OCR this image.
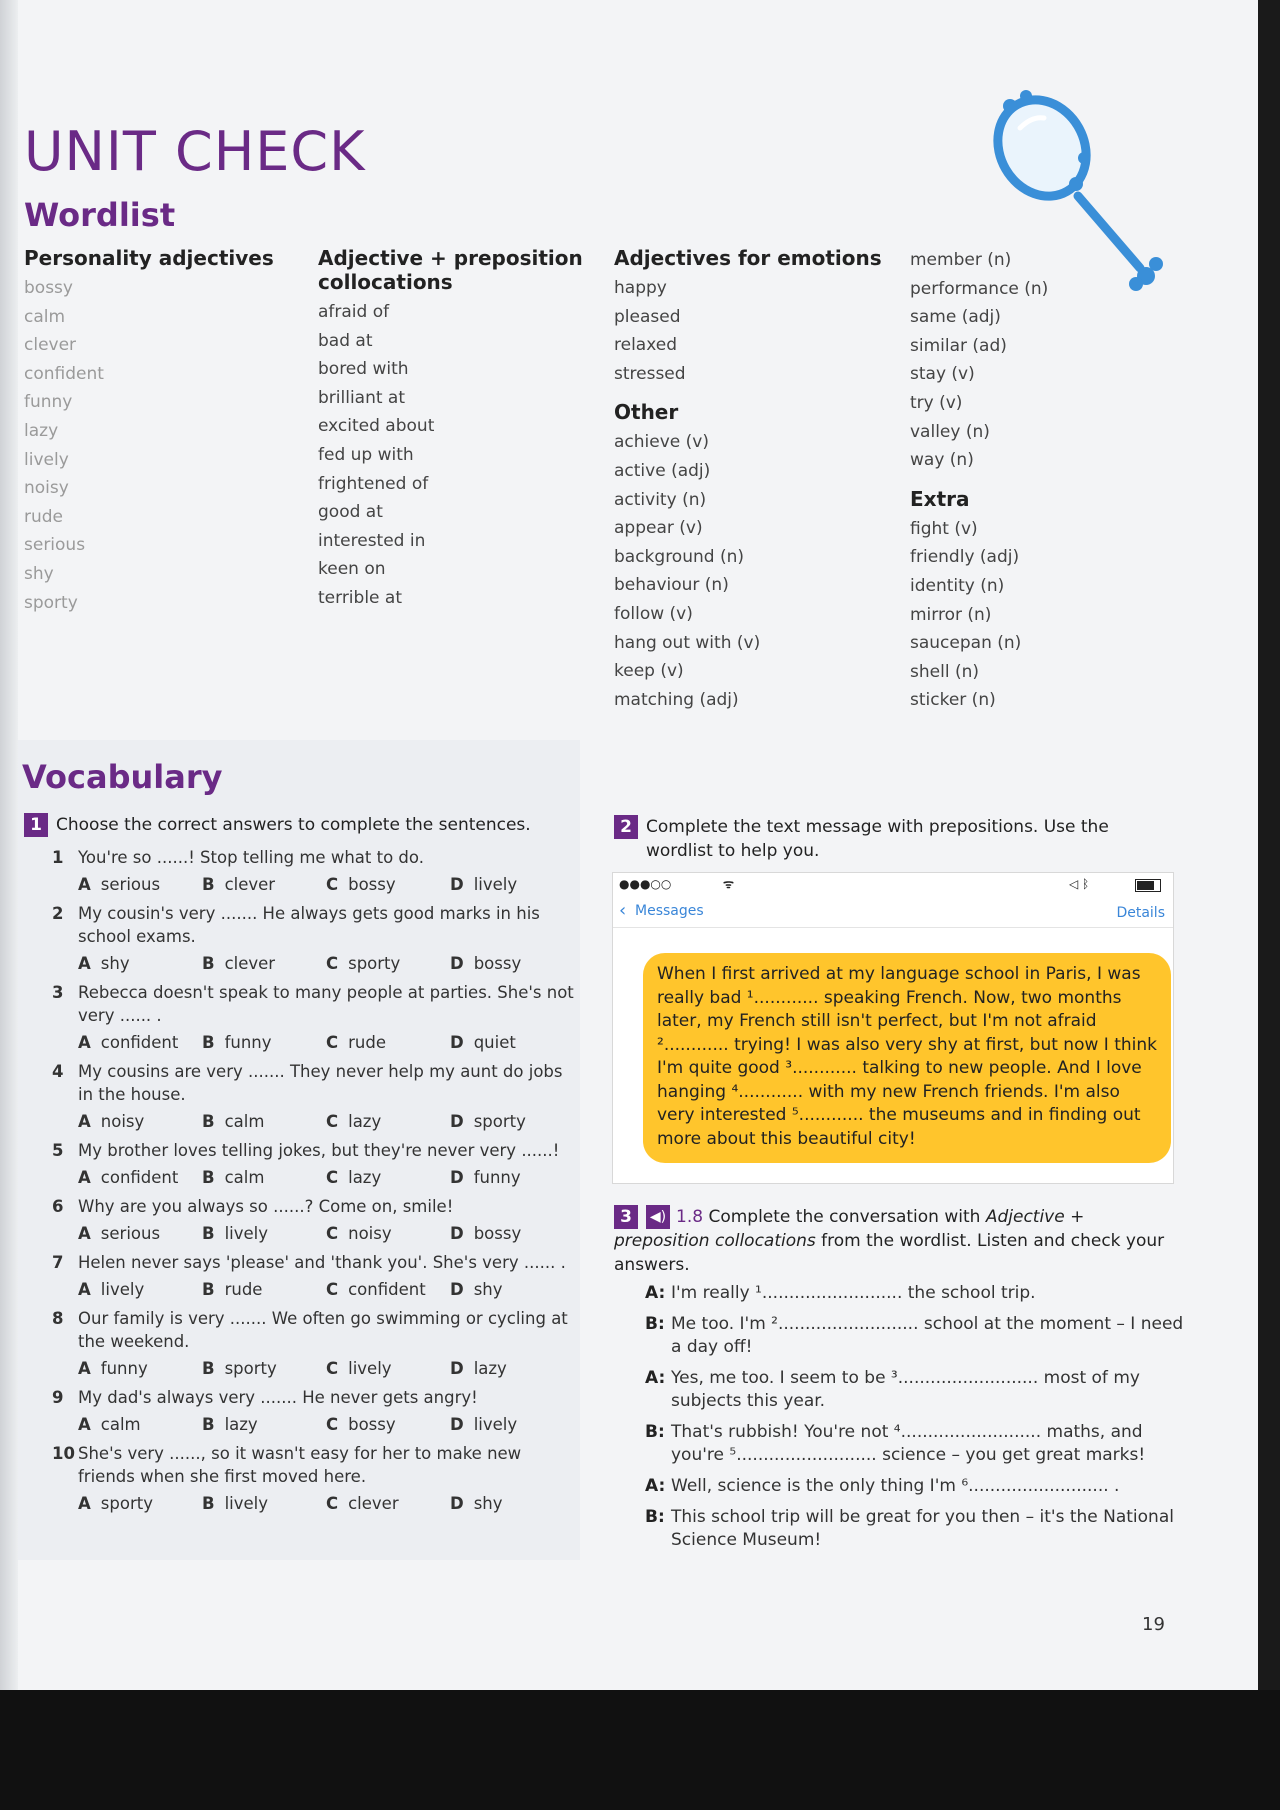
UNIT CHECK
Wordlist
Personality adjectives
bossy
calm
clever
confident
funny
lazy
lively
noisy
rude
serious
shy
sporty
Adjective + preposition collocations
afraid of
bad at
bored with
brilliant at
excited about
fed up with
frightened of
good at
interested in
keen on
terrible at
Adjectives for emotions
happy
pleased
relaxed
stressed
Other
achieve (v)
active (adj)
activity (n)
appear (v)
background (n)
behaviour (n)
follow (v)
hang out with (v)
keep (v)
matching (adj)
member (n)
performance (n)
same (adj)
similar (ad)
stay (v)
try (v)
valley (n)
way (n)
Extra
fight (v)
friendly (adj)
identity (n)
mirror (n)
saucepan (n)
shell (n)
sticker (n)
Vocabulary
1 Choose the correct answers to complete the sentences.
1 You're so ......! Stop telling me what to do.
A serious	B clever	C bossy	D lively
2 My cousin's very ....... He always gets good marks in his school exams.
A shy	B clever	C sporty	D bossy
3 Rebecca doesn't speak to many people at parties. She's not very ...... .
A confident	B funny	C rude	D quiet
4 My cousins are very ....... They never help my aunt do jobs in the house.
A noisy	B calm	C lazy	D sporty
5 My brother loves telling jokes, but they're never very ......!
A confident	B calm	C lazy	D funny
6 Why are you always so ......? Come on, smile!
A serious	B lively	C noisy	D bossy
7 Helen never says 'please' and 'thank you'. She's very ...... .
A lively	B rude	C confident	D shy
8 Our family is very ....... We often go swimming or cycling at the weekend.
A funny	B sporty	C lively	D lazy
9 My dad's always very ....... He never gets angry!
A calm	B lazy	C bossy	D lively
10 She's very ......, so it wasn't easy for her to make new friends when she first moved here.
A sporty	B lively	C clever	D shy
2 Complete the text message with prepositions. Use the wordlist to help you.
●●●○○	ᯤ	◁ ᛒ
‹ Messages	Details
When I first arrived at my language school in Paris, I was really bad ¹............ speaking French. Now, two months later, my French still isn't perfect, but I'm not afraid ²............ trying! I was also very shy at first, but now I think I'm quite good ³............ talking to new people. And I love hanging ⁴............ with my new French friends. I'm also very interested ⁵............ the museums and in finding out more about this beautiful city!
3	◀) 1.8 Complete the conversation with Adjective + preposition collocations from the wordlist. Listen and check your answers.
A: I'm really ¹.......................... the school trip.
B: Me too. I'm ².......................... school at the moment – I need a day off!
A: Yes, me too. I seem to be ³.......................... most of my subjects this year.
B: That's rubbish! You're not ⁴.......................... maths, and you're ⁵.......................... science – you get great marks!
A: Well, science is the only thing I'm ⁶.......................... .
B: This school trip will be great for you then – it's the National Science Museum!
19
